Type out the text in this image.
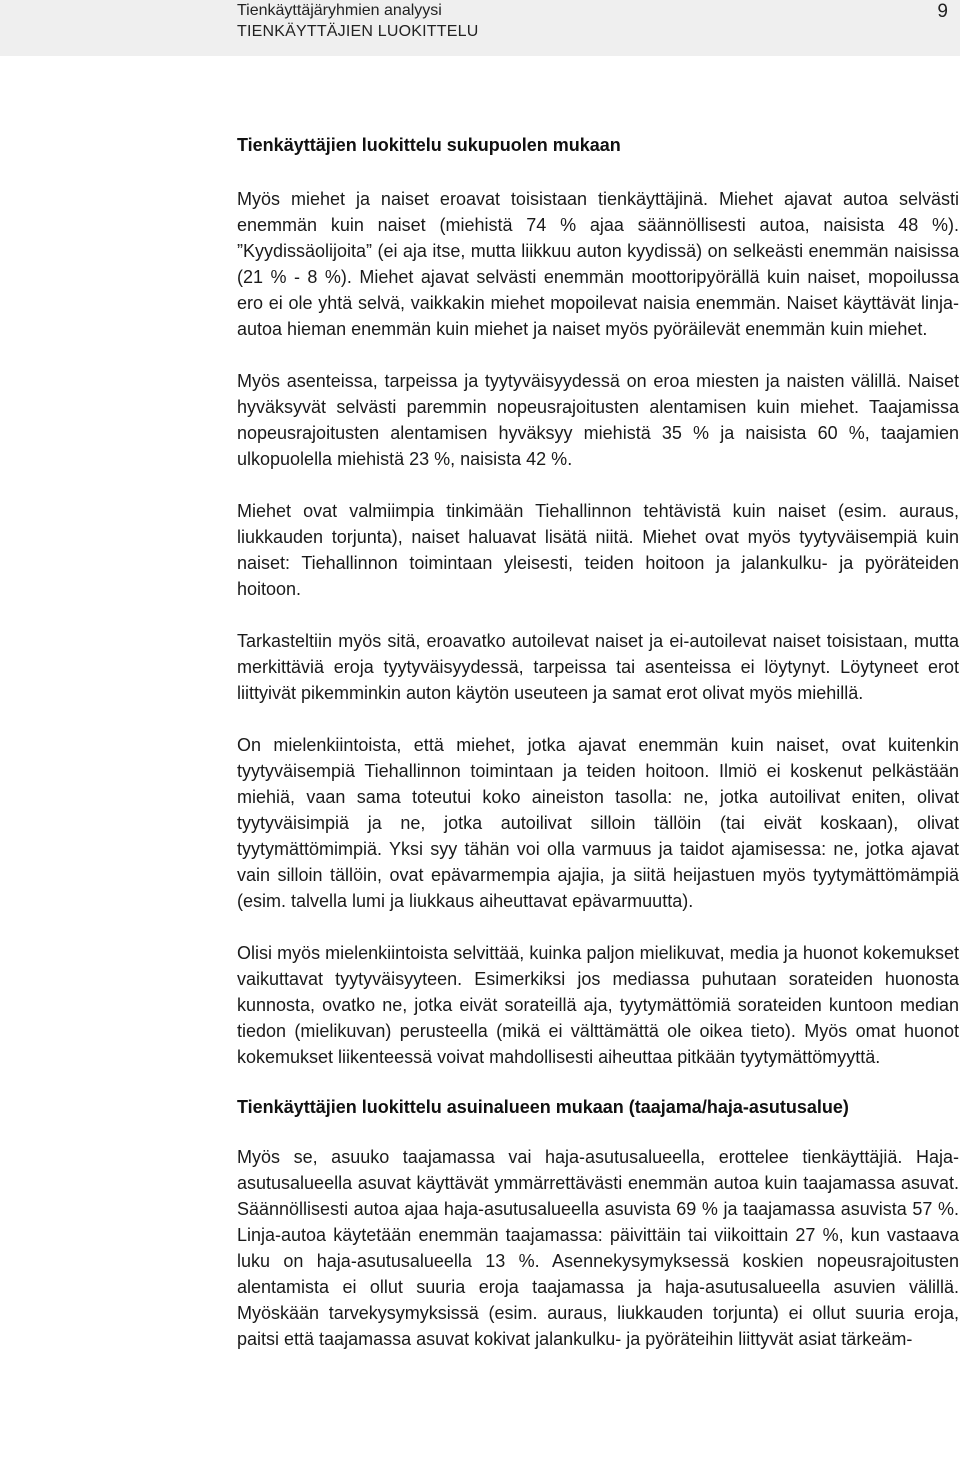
Tienkäyttäjäryhmien analyysi
TIENKÄYTTÄJIEN LUOKITTELU
9
Tienkäyttäjien luokittelu sukupuolen mukaan

Myös miehet ja naiset eroavat toisistaan tienkäyttäjinä. Miehet ajavat autoa selvästi enemmän kuin naiset (miehistä 74 % ajaa säännöllisesti autoa, naisista 48 %). ”Kyydissäolijoita” (ei aja itse, mutta liikkuu auton kyydissä) on selkeästi enemmän naisissa (21 % - 8 %). Miehet ajavat selvästi enemmän moottoripyörällä kuin naiset, mopoilussa ero ei ole yhtä selvä, vaikkakin miehet mopoilevat naisia enemmän. Naiset käyttävät linja-autoa hieman enemmän kuin miehet ja naiset myös pyöräilevät enemmän kuin miehet.

Myös asenteissa, tarpeissa ja tyytyväisyydessä on eroa miesten ja naisten välillä. Naiset hyväksyvät selvästi paremmin nopeusrajoitusten alentamisen kuin miehet. Taajamissa nopeusrajoitusten alentamisen hyväksyy miehistä 35 % ja naisista 60 %, taajamien ulkopuolella miehistä 23 %, naisista 42 %.

Miehet ovat valmiimpia tinkimään Tiehallinnon tehtävistä kuin naiset (esim. auraus, liukkauden torjunta), naiset haluavat lisätä niitä. Miehet ovat myös tyytyväisempiä kuin naiset: Tiehallinnon toimintaan yleisesti, teiden hoitoon ja jalankulku- ja pyöräteiden hoitoon.

Tarkasteltiin myös sitä, eroavatko autoilevat naiset ja ei-autoilevat naiset toisistaan, mutta merkittäviä eroja tyytyväisyydessä, tarpeissa tai asenteissa ei löytynyt. Löytyneet erot liittyivät pikemminkin auton käytön useuteen ja samat erot olivat myös miehillä.

On mielenkiintoista, että miehet, jotka ajavat enemmän kuin naiset, ovat kuitenkin tyytyväisempiä Tiehallinnon toimintaan ja teiden hoitoon. Ilmiö ei koskenut pelkästään miehiä, vaan sama toteutui koko aineiston tasolla: ne, jotka autoilivat eniten, olivat tyytyväisimpiä ja ne, jotka autoilivat silloin tällöin (tai eivät koskaan), olivat tyytymättömimpiä. Yksi syy tähän voi olla varmuus ja taidot ajamisessa: ne, jotka ajavat vain silloin tällöin, ovat epävarmempia ajajia, ja siitä heijastuen myös tyytymättömämpiä (esim. talvella lumi ja liukkaus aiheuttavat epävarmuutta).

Olisi myös mielenkiintoista selvittää, kuinka paljon mielikuvat, media ja huonot kokemukset vaikuttavat tyytyväisyyteen. Esimerkiksi jos mediassa puhutaan sorateiden huonosta kunnosta, ovatko ne, jotka eivät sorateillä aja, tyytymättömiä sorateiden kuntoon median tiedon (mielikuvan) perusteella (mikä ei välttämättä ole oikea tieto). Myös omat huonot kokemukset liikenteessä voivat mahdollisesti aiheuttaa pitkään tyytymättömyyttä.

Tienkäyttäjien luokittelu asuinalueen mukaan (taajama/haja-asutusalue)

Myös se, asuuko taajamassa vai haja-asutusalueella, erottelee tienkäyttäjiä. Haja-asutusalueella asuvat käyttävät ymmärrettävästi enemmän autoa kuin taajamassa asuvat. Säännöllisesti autoa ajaa haja-asutusalueella asuvista 69 % ja taajamassa asuvista 57 %. Linja-autoa käytetään enemmän taajamassa: päivittäin tai viikoittain 27 %, kun vastaava luku on haja-asutusalueella 13 %. Asennekysymyksessä koskien nopeusrajoitusten alentamista ei ollut suuria eroja taajamassa ja haja-asutusalueella asuvien välillä. Myöskään tarvekysymyksissä (esim. auraus, liukkauden torjunta) ei ollut suuria eroja, paitsi että taajamassa asuvat kokivat jalankulku- ja pyöräteihin liittyvät asiat tärkeäm-
